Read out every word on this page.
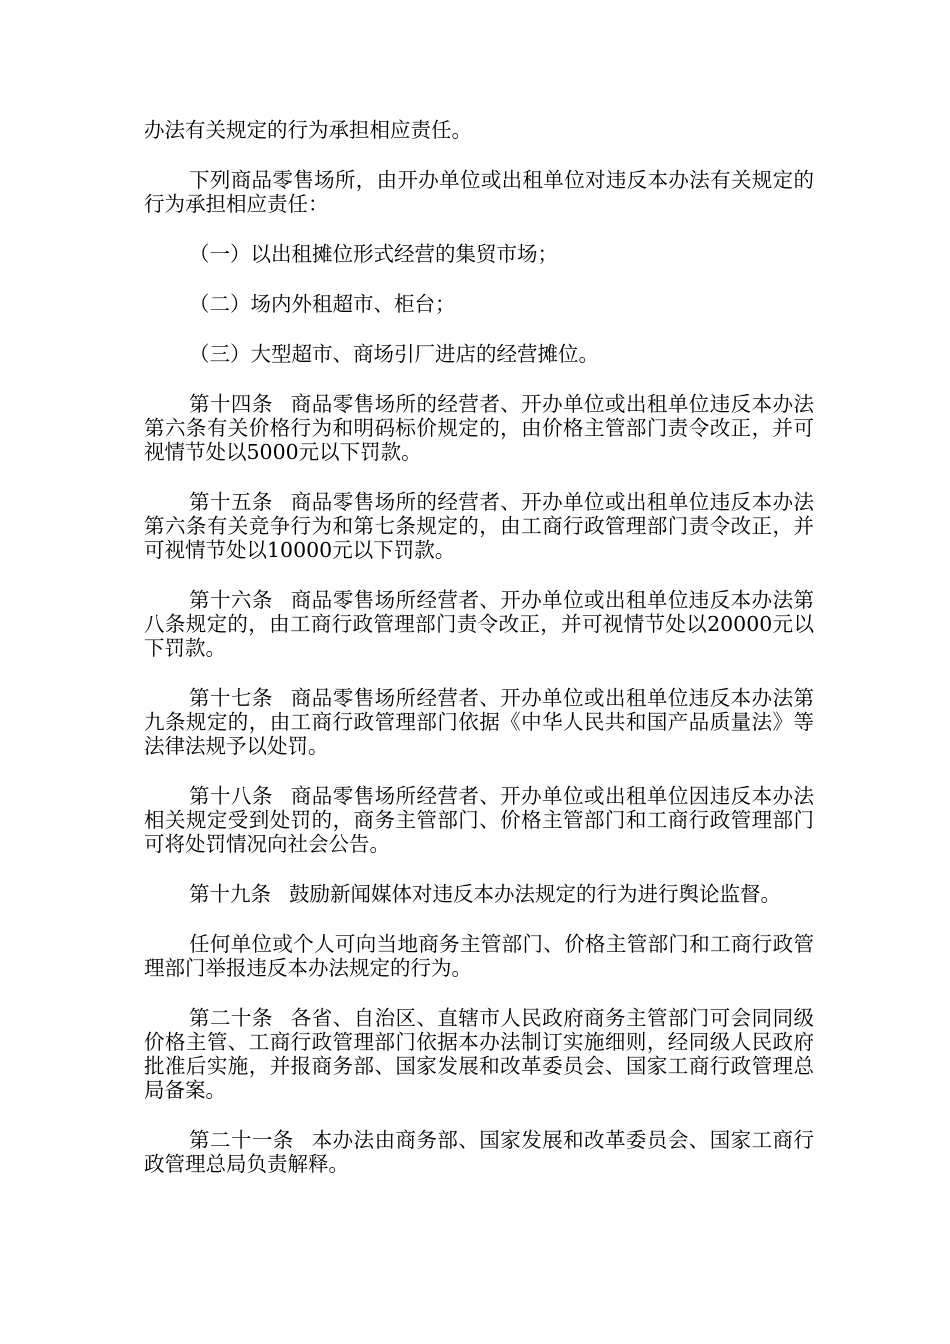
办法有关规定的行为承担相应责任。

下列商品零售场所，由开办单位或出租单位对违反本办法有关规定的行为承担相应责任：

（一）以出租摊位形式经营的集贸市场；

（二）场内外租超市、柜台；

（三）大型超市、商场引厂进店的经营摊位。

第十四条 商品零售场所的经营者、开办单位或出租单位违反本办法第六条有关价格行为和明码标价规定的，由价格主管部门责令改正，并可视情节处以5000元以下罚款。

第十五条 商品零售场所的经营者、开办单位或出租单位违反本办法第六条有关竞争行为和第七条规定的，由工商行政管理部门责令改正，并可视情节处以10000元以下罚款。

第十六条 商品零售场所经营者、开办单位或出租单位违反本办法第八条规定的，由工商行政管理部门责令改正，并可视情节处以20000元以下罚款。

第十七条 商品零售场所经营者、开办单位或出租单位违反本办法第九条规定的，由工商行政管理部门依据《中华人民共和国产品质量法》等法律法规予以处罚。

第十八条 商品零售场所经营者、开办单位或出租单位因违反本办法相关规定受到处罚的，商务主管部门、价格主管部门和工商行政管理部门可将处罚情况向社会公告。

第十九条 鼓励新闻媒体对违反本办法规定的行为进行舆论监督。

任何单位或个人可向当地商务主管部门、价格主管部门和工商行政管理部门举报违反本办法规定的行为。

第二十条 各省、自治区、直辖市人民政府商务主管部门可会同同级价格主管、工商行政管理部门依据本办法制订实施细则，经同级人民政府批准后实施，并报商务部、国家发展和改革委员会、国家工商行政管理总局备案。

第二十一条 本办法由商务部、国家发展和改革委员会、国家工商行政管理总局负责解释。
